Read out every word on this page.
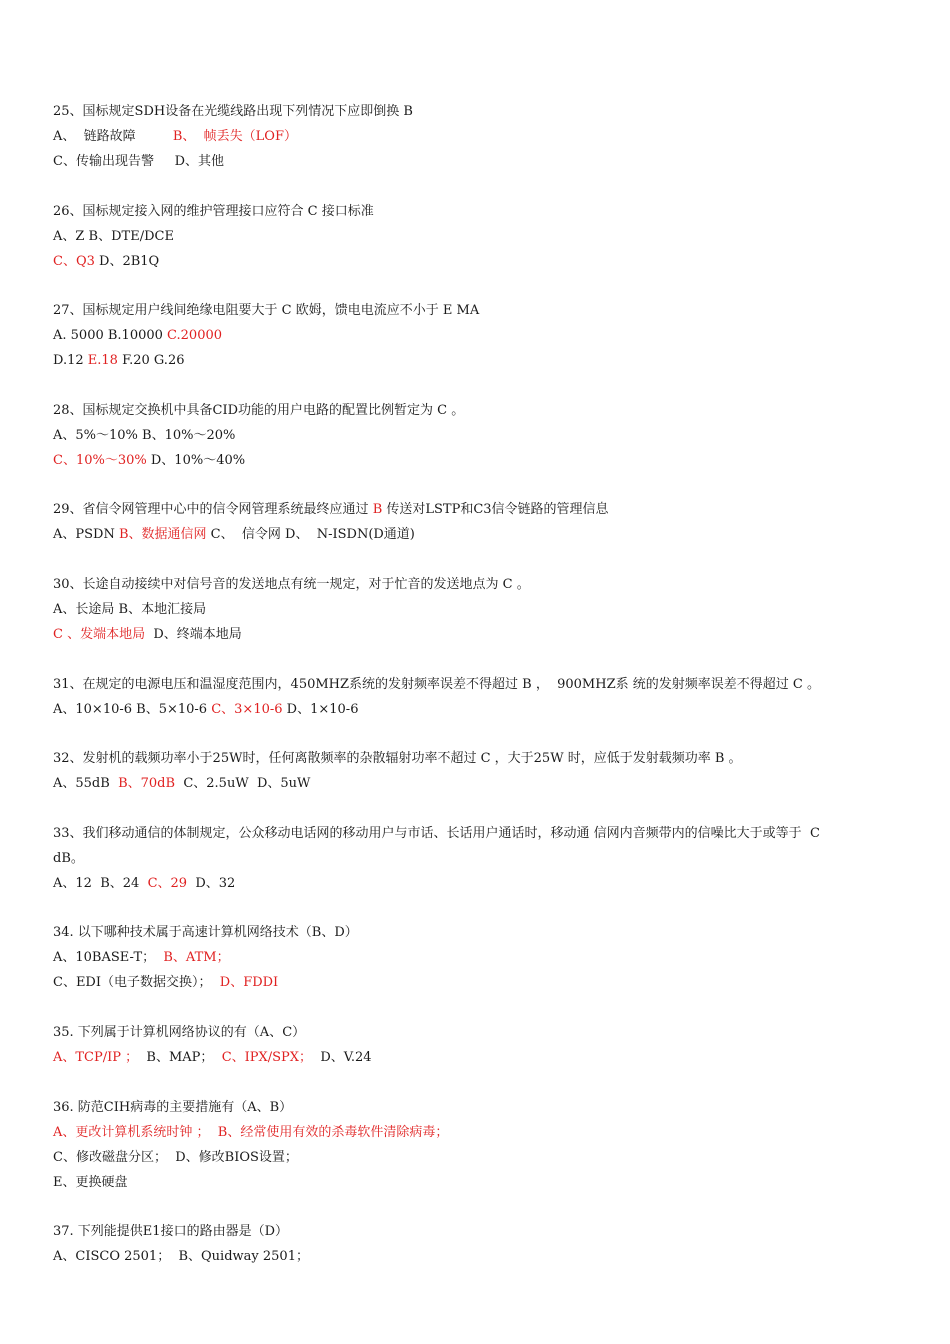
25、国标规定SDH设备在光缆线路出现下列情况下应即倒换 B
A、  链路故障         B、  帧丢失（LOF）
C、传输出现告警     D、其他
26、国标规定接入网的维护管理接口应符合 C 接口标准
A、Z B、DTE/DCE
C、Q3 D、2B1Q
27、国标规定用户线间绝缘电阻要大于 C 欧姆，馈电电流应不小于 E MA
A. 5000 B.10000 C.20000
D.12 E.18 F.20 G.26
28、国标规定交换机中具备CID功能的用户电路的配置比例暂定为 C 。
A、5%～10% B、10%～20%
C、10%～30% D、10%～40%
29、省信令网管理中心中的信令网管理系统最终应通过 B 传送对LSTP和C3信令链路的管理信息
A、PSDN B、数据通信网 C、  信令网 D、  N-ISDN(D通道)
30、长途自动接续中对信号音的发送地点有统一规定，对于忙音的发送地点为 C 。
A、长途局 B、本地汇接局
C 、发端本地局  D、终端本地局
31、在规定的电源电压和温湿度范围内，450MHZ系统的发射频率误差不得超过 B ，  900MHZ系 统的发射频率误差不得超过 C 。
A、10×10-6 B、5×10-6 C、3×10-6 D、1×10-6
32、发射机的载频功率小于25W时，任何离散频率的杂散辐射功率不超过 C ，大于25W 时，应低于发射载频功率 B 。
A、55dB  B、70dB  C、2.5uW  D、5uW
33、我们移动通信的体制规定，公众移动电话网的移动用户与市话、长话用户通话时，移动通 信网内音频带内的信噪比大于或等于  C
dB。
A、12  B、24  C、29  D、32
34. 以下哪种技术属于高速计算机网络技术（B、D）
A、10BASE-T；  B、ATM；
C、EDI（电子数据交换）；  D、FDDI
35. 下列属于计算机网络协议的有（A、C）
A、TCP/IP ；  B、MAP；  C、IPX/SPX；  D、V.24
36. 防范CIH病毒的主要措施有（A、B）
A、更改计算机系统时钟 ；  B、经常使用有效的杀毒软件清除病毒；
C、修改磁盘分区；  D、修改BIOS设置；
E、更换硬盘
37. 下列能提供E1接口的路由器是（D）
A、CISCO 2501；  B、Quidway 2501；
